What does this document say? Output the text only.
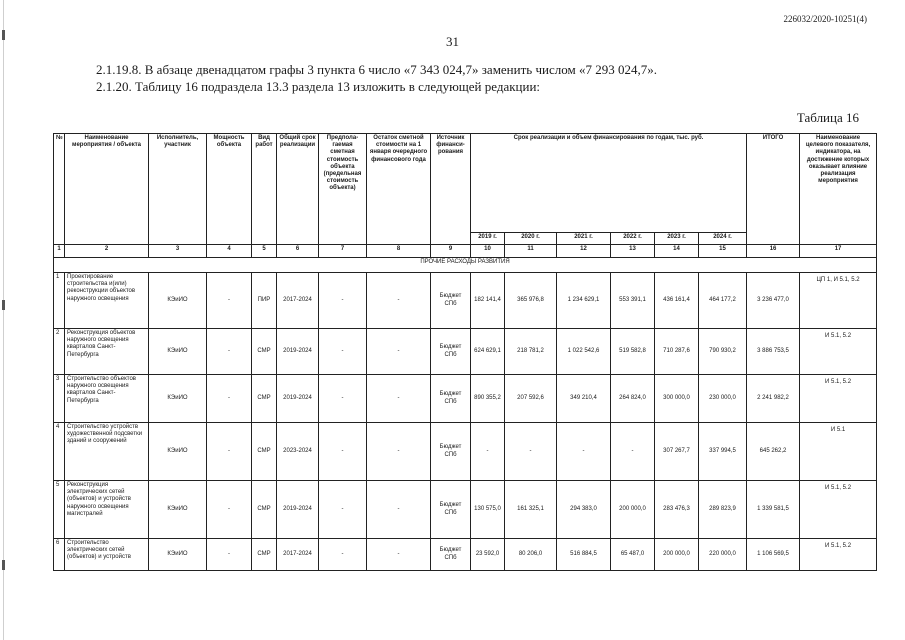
226032/2020-10251(4)
31
2.1.19.8. В абзаце двенадцатом графы 3 пункта 6 число «7 343 024,7» заменить числом «7 293 024,7».
2.1.20. Таблицу 16 подраздела 13.3 раздела 13 изложить в следующей редакции:
Таблица 16
№	Наименование мероприятия / объекта	Исполнитель, участник	Мощность объекта	Вид работ	Общий срок реализации	Предпола-гаемая сметная стоимость объекта (предельная стоимость объекта)	Остаток сметной стоимости на 1 января очередного финансового года	Источник финанси-рования	Срок реализации и объем финансирования по годам, тыс. руб.						ИТОГО	Наименование целевого показателя, индикатора, на достижение которых оказывает влияние реализация мероприятия
									2019 г.	2020 г.	2021 г.	2022 г.	2023 г.	2024 г.		
1	2	3	4	5	6	7	8	9	10	11	12	13	14	15	16	17
ПРОЧИЕ РАСХОДЫ РАЗВИТИЯ																
1	Проектирование строительства и(или) реконструкции объектов наружного освещения	КЭиИО	-	ПИР	2017-2024	-	-	Бюджет СПб	182 141,4	365 976,8	1 234 629,1	553 391,1	436 161,4	464 177,2	3 236 477,0	ЦП 1, И 5.1, 5.2
2	Реконструкция объектов наружного освещения кварталов Санкт-Петербурга	КЭиИО	-	СМР	2019-2024	-	-	Бюджет СПб	624 629,1	218 781,2	1 022 542,6	519 582,8	710 287,6	790 930,2	3 886 753,5	И 5.1, 5.2
3	Строительство объектов наружного освещения кварталов Санкт-Петербурга	КЭиИО	-	СМР	2019-2024	-	-	Бюджет СПб	890 355,2	207 592,6	349 210,4	264 824,0	300 000,0	230 000,0	2 241 982,2	И 5.1, 5.2
4	Строительство устройств художественной подсветки зданий и сооружений	КЭиИО	-	СМР	2023-2024	-	-	Бюджет СПб	-	-	-	-	307 267,7	337 994,5	645 262,2	И 5.1
5	Реконструкция электрических сетей (объектов) и устройств наружного освещения магистралей	КЭиИО	-	СМР	2019-2024	-	-	Бюджет СПб	130 575,0	161 325,1	294 383,0	200 000,0	283 476,3	289 823,9	1 339 581,5	И 5.1, 5.2
6	Строительство электрических сетей (объектов) и устройств	КЭиИО	-	СМР	2017-2024	-	-	Бюджет СПб	23 592,0	80 206,0	516 884,5	65 487,0	200 000,0	220 000,0	1 106 569,5	И 5.1, 5.2
